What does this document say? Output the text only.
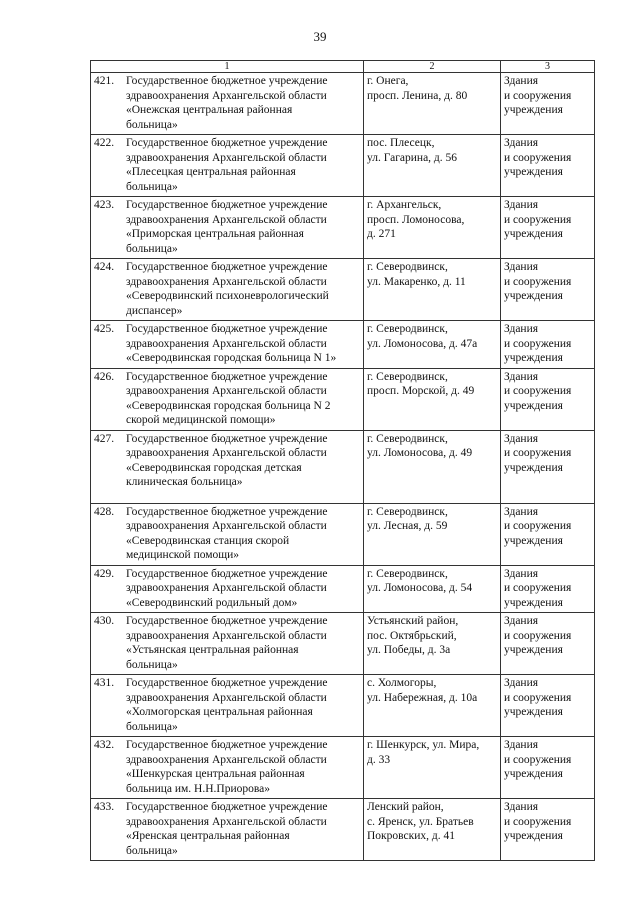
39
1	2	3
421. Государственное бюджетное учреждение
здравоохранения Архангельской области
«Онежская центральная районная
больница»	г. Онега,
просп. Ленина, д. 80	Здания
и сооружения
учреждения

422. Государственное бюджетное учреждение
здравоохранения Архангельской области
«Плесецкая центральная районная
больница»	пос. Плесецк,
ул. Гагарина, д. 56	Здания
и сооружения
учреждения

423. Государственное бюджетное учреждение
здравоохранения Архангельской области
«Приморская центральная районная
больница»	г. Архангельск,
просп. Ломоносова,
д. 271	Здания
и сооружения
учреждения

424. Государственное бюджетное учреждение
здравоохранения Архангельской области
«Северодвинский психоневрологический
диспансер»	г. Северодвинск,
ул. Макаренко, д. 11	Здания
и сооружения
учреждения

425. Государственное бюджетное учреждение
здравоохранения Архангельской области
«Северодвинская городская больница N 1»	г. Северодвинск,
ул. Ломоносова, д. 47а	Здания
и сооружения
учреждения

426. Государственное бюджетное учреждение
здравоохранения Архангельской области
«Северодвинская городская больница N 2
скорой медицинской помощи»	г. Северодвинск,
просп. Морской, д. 49	Здания
и сооружения
учреждения

427. Государственное бюджетное учреждение
здравоохранения Архангельской области
«Северодвинская городская детская
клиническая больница»	г. Северодвинск,
ул. Ломоносова, д. 49	Здания
и сооружения
учреждения

428. Государственное бюджетное учреждение
здравоохранения Архангельской области
«Северодвинская станция скорой
медицинской помощи»	г. Северодвинск,
ул. Лесная, д. 59	Здания
и сооружения
учреждения

429. Государственное бюджетное учреждение
здравоохранения Архангельской области
«Северодвинский родильный дом»	г. Северодвинск,
ул. Ломоносова, д. 54	Здания
и сооружения
учреждения

430. Государственное бюджетное учреждение
здравоохранения Архангельской области
«Устьянская центральная районная
больница»	Устьянский район,
пос. Октябрьский,
ул. Победы, д. 3а	Здания
и сооружения
учреждения

431. Государственное бюджетное учреждение
здравоохранения Архангельской области
«Холмогорская центральная районная
больница»	с. Холмогоры,
ул. Набережная, д. 10а	Здания
и сооружения
учреждения

432. Государственное бюджетное учреждение
здравоохранения Архангельской области
«Шенкурская центральная районная
больница им. Н.Н.Приорова»	г. Шенкурск, ул. Мира,
д. 33	Здания
и сооружения
учреждения

433. Государственное бюджетное учреждение
здравоохранения Архангельской области
«Яренская центральная районная
больница»	Ленский район,
с. Яренск, ул. Братьев
Покровских, д. 41	Здания
и сооружения
учреждения
